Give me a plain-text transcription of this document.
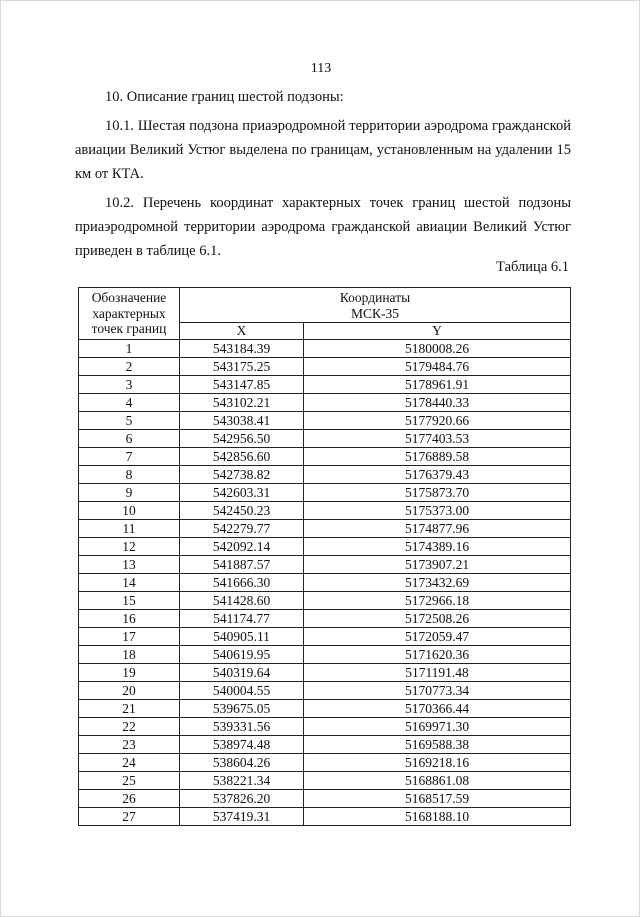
113

10. Описание границ шестой подзоны:

10.1. Шестая подзона приаэродромной территории аэродрома гражданской авиации Великий Устюг выделена по границам, установленным на удалении 15 км от КТА.

10.2. Перечень координат характерных точек границ шестой подзоны приаэродромной территории аэродрома гражданской авиации Великий Устюг приведен в таблице 6.1.

Таблица 6.1
Обозначение характерных точек границ	Координаты
МСК-35	
	X	Y
1	543184.39	5180008.26
2	543175.25	5179484.76
3	543147.85	5178961.91
4	543102.21	5178440.33
5	543038.41	5177920.66
6	542956.50	5177403.53
7	542856.60	5176889.58
8	542738.82	5176379.43
9	542603.31	5175873.70
10	542450.23	5175373.00
11	542279.77	5174877.96
12	542092.14	5174389.16
13	541887.57	5173907.21
14	541666.30	5173432.69
15	541428.60	5172966.18
16	541174.77	5172508.26
17	540905.11	5172059.47
18	540619.95	5171620.36
19	540319.64	5171191.48
20	540004.55	5170773.34
21	539675.05	5170366.44
22	539331.56	5169971.30
23	538974.48	5169588.38
24	538604.26	5169218.16
25	538221.34	5168861.08
26	537826.20	5168517.59
27	537419.31	5168188.10
